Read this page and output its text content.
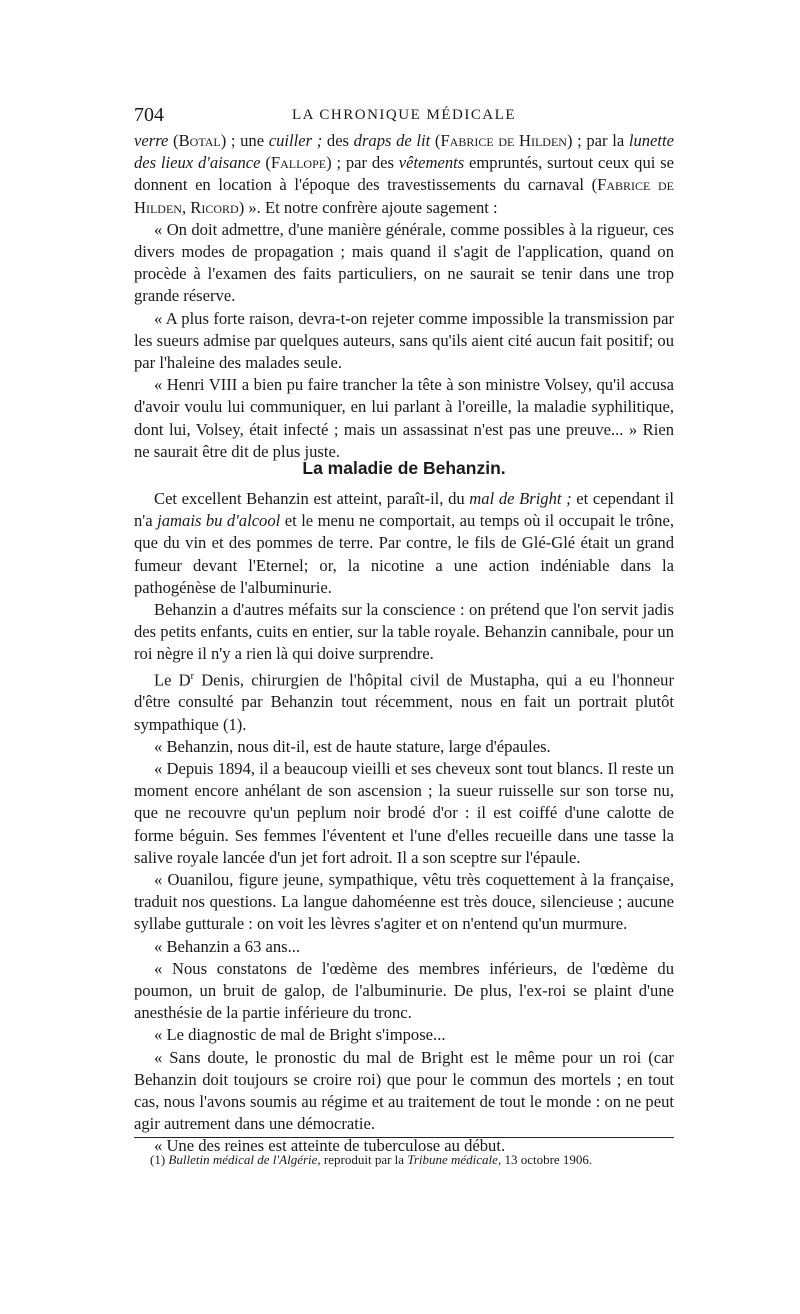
704	LA CHRONIQUE MÉDICALE

verre (Botal) ; une cuiller ; des draps de lit (Fabrice de Hilden) ; par la lunette des lieux d'aisance (Fallope) ; par des vêtements empruntés, surtout ceux qui se donnent en location à l'époque des travestissements du carnaval (Fabrice de Hilden, Ricord) ». Et notre confrère ajoute sagement :

« On doit admettre, d'une manière générale, comme possibles à la rigueur, ces divers modes de propagation ; mais quand il s'agit de l'application, quand on procède à l'examen des faits particuliers, on ne saurait se tenir dans une trop grande réserve.

« A plus forte raison, devra-t-on rejeter comme impossible la transmission par les sueurs admise par quelques auteurs, sans qu'ils aient cité aucun fait positif; ou par l'haleine des malades seule.

« Henri VIII a bien pu faire trancher la tête à son ministre Volsey, qu'il accusa d'avoir voulu lui communiquer, en lui parlant à l'oreille, la maladie syphilitique, dont lui, Volsey, était infecté ; mais un assassinat n'est pas une preuve... » Rien ne saurait être dit de plus juste.

La maladie de Behanzin.

Cet excellent Behanzin est atteint, paraît-il, du mal de Bright ; et cependant il n'a jamais bu d'alcool et le menu ne comportait, au temps où il occupait le trône, que du vin et des pommes de terre. Par contre, le fils de Glé-Glé était un grand fumeur devant l'Eternel; or, la nicotine a une action indéniable dans la pathogénèse de l'albuminurie.

Behanzin a d'autres méfaits sur la conscience : on prétend que l'on servit jadis des petits enfants, cuits en entier, sur la table royale. Behanzin cannibale, pour un roi nègre il n'y a rien là qui doive surprendre.

Le $D^r$ Denis, chirurgien de l'hôpital civil de Mustapha, qui a eu l'honneur d'être consulté par Behanzin tout récemment, nous en fait un portrait plutôt sympathique (1).

« Behanzin, nous dit-il, est de haute stature, large d'épaules.

« Depuis 1894, il a beaucoup vieilli et ses cheveux sont tout blancs. Il reste un moment encore anhélant de son ascension ; la sueur ruisselle sur son torse nu, que ne recouvre qu'un peplum noir brodé d'or : il est coiffé d'une calotte de forme béguin. Ses femmes l'éventent et l'une d'elles recueille dans une tasse la salive royale lancée d'un jet fort adroit. Il a son sceptre sur l'épaule.

« Ouanilou, figure jeune, sympathique, vêtu très coquettement à la française, traduit nos questions. La langue dahoméenne est très douce, silencieuse ; aucune syllabe gutturale : on voit les lèvres s'agiter et on n'entend qu'un murmure.

« Behanzin a 63 ans...

« Nous constatons de l'œdème des membres inférieurs, de l'œdème du poumon, un bruit de galop, de l'albuminurie. De plus, l'ex-roi se plaint d'une anesthésie de la partie inférieure du tronc.

« Le diagnostic de mal de Bright s'impose...

« Sans doute, le pronostic du mal de Bright est le même pour un roi (car Behanzin doit toujours se croire roi) que pour le commun des mortels ; en tout cas, nous l'avons soumis au régime et au traitement de tout le monde : on ne peut agir autrement dans une démocratie.

« Une des reines est atteinte de tuberculose au début.

(1) Bulletin médical de l'Algérie, reproduit par la Tribune médicale, 13 octobre 1906.
